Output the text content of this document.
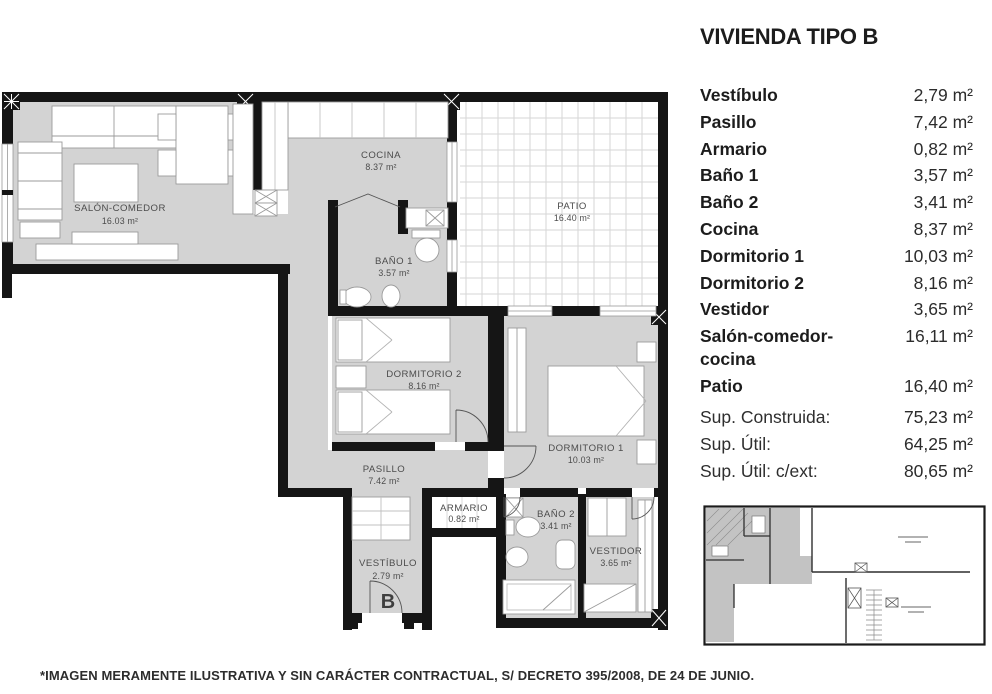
SALÓN-COMEDOR
16.03 m²
COCINA
8.37 m²
PATIO
16.40 m²
BAÑO 1
3.57 m²
DORMITORIO 2
8.16 m²
DORMITORIO 1
10.03 m²
PASILLO
7.42 m²
ARMARIO
0.82 m²
VESTÍBULO
2.79 m²
BAÑO 2
3.41 m²
VESTIDOR
3.65 m²
B
VIVIENDA TIPO B
Vestíbulo	2,79 m²
Pasillo	7,42 m²
Armario	0,82 m²
Baño 1	3,57 m²
Baño 2	3,41 m²
Cocina	8,37 m²
Dormitorio 1	10,03 m²
Dormitorio 2	8,16 m²
Vestidor	3,65 m²
Salón-comedor-cocina
16,11 m²
Patio	16,40 m²
Sup. Construida:	75,23 m²
Sup. Útil:	64,25 m²
Sup. Útil: c/ext:	80,65 m²
*IMAGEN MERAMENTE ILUSTRATIVA Y SIN CARÁCTER CONTRACTUAL, S/ DECRETO 395/2008, DE 24 DE JUNIO.
